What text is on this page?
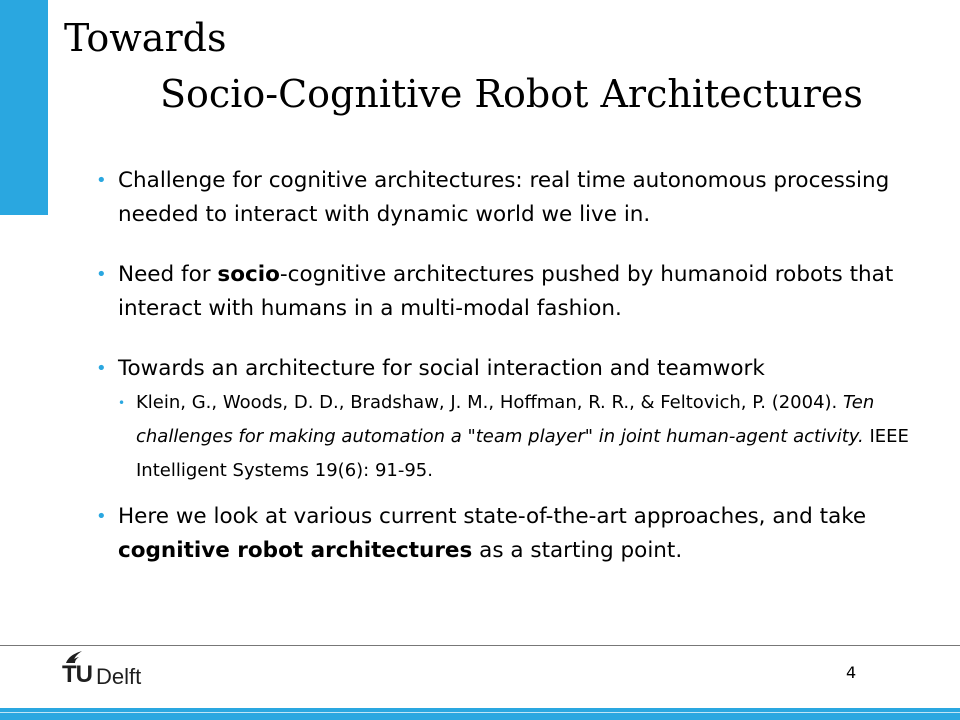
Towards
Socio-Cognitive Robot Architectures
• Challenge for cognitive architectures: real time autonomous processing needed to interact with dynamic world we live in.
• Need for socio-cognitive architectures pushed by humanoid robots that interact with humans in a multi-modal fashion.
• Towards an architecture for social interaction and teamwork
• Klein, G., Woods, D. D., Bradshaw, J. M., Hoffman, R. R., & Feltovich, P. (2004). Ten challenges for making automation a "team player" in joint human-agent activity. IEEE Intelligent Systems 19(6): 91-95.
• Here we look at various current state-of-the-art approaches, and take cognitive robot architectures as a starting point.
TU Delft	4
